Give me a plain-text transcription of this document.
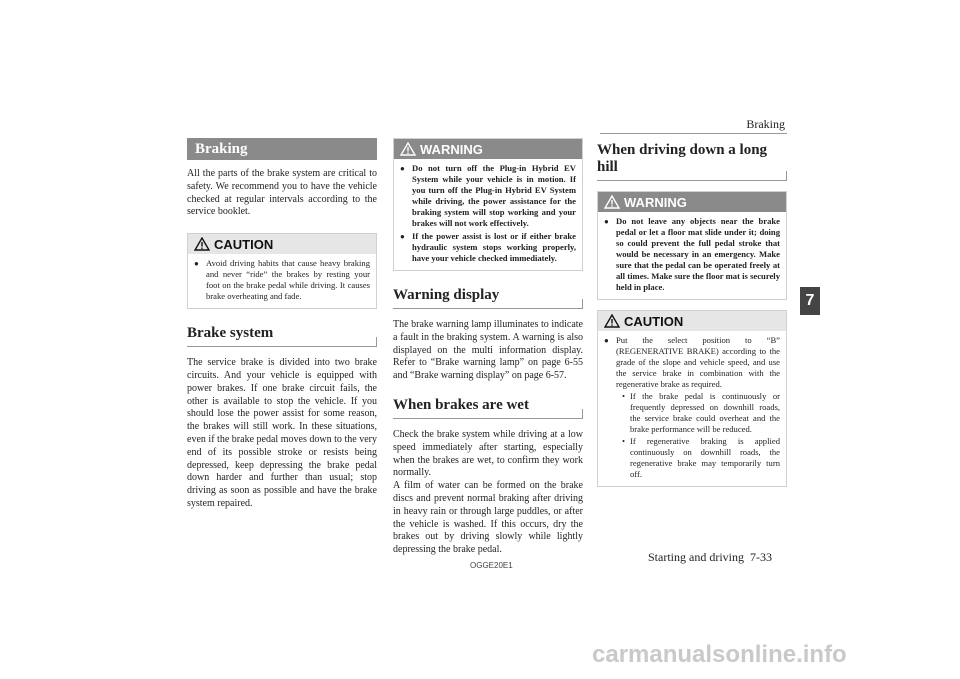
Braking
7
Braking

All the parts of the brake system are critical to safety. We recommend you to have the vehicle checked at regular intervals according to the service booklet.

CAUTION
● Avoid driving habits that cause heavy braking and never “ride” the brakes by resting your foot on the brake pedal while driving. It causes brake overheating and fade.
Brake system

The service brake is divided into two brake circuits. And your vehicle is equipped with power brakes. If one brake circuit fails, the other is available to stop the vehicle. If you should lose the power assist for some reason, the brakes will still work. In these situations, even if the brake pedal moves down to the very end of its possible stroke or resists being depressed, keep depressing the brake pedal down harder and further than usual; stop driving as soon as possible and have the brake system repaired.

WARNING
● Do not turn off the Plug-in Hybrid EV System while your vehicle is in motion. If you turn off the Plug-in Hybrid EV System while driving, the power assistance for the braking system will stop working and your brakes will not work effectively.
● If the power assist is lost or if either brake hydraulic system stops working properly, have your vehicle checked immediately.
Warning display

The brake warning lamp illuminates to indicate a fault in the braking system. A warning is also displayed on the multi information display. Refer to “Brake warning lamp” on page 6-55 and “Brake warning display” on page 6-57.

When brakes are wet

Check the brake system while driving at a low speed immediately after starting, especially when the brakes are wet, to confirm they work normally.

A film of water can be formed on the brake discs and prevent normal braking after driving in heavy rain or through large puddles, or after the vehicle is washed. If this occurs, dry the brakes out by driving slowly while lightly depressing the brake pedal.

When driving down a long hill
WARNING
● Do not leave any objects near the brake pedal or let a floor mat slide under it; doing so could prevent the full pedal stroke that would be necessary in an emergency. Make sure that the pedal can be operated freely at all times. Make sure the floor mat is securely held in place.
CAUTION
● Put the select position to “B” (REGENERATIVE BRAKE) according to the grade of the slope and vehicle speed, and use the service brake in combination with the regenerative brake as required.
• If the brake pedal is continuously or frequently depressed on downhill roads, the service brake could overheat and the brake performance will be reduced.
• If regenerative braking is applied continuously on downhill roads, the regenerative brake may temporarily turn off.
OGGE20E1
Starting and driving 7-33
carmanualsonline.info
